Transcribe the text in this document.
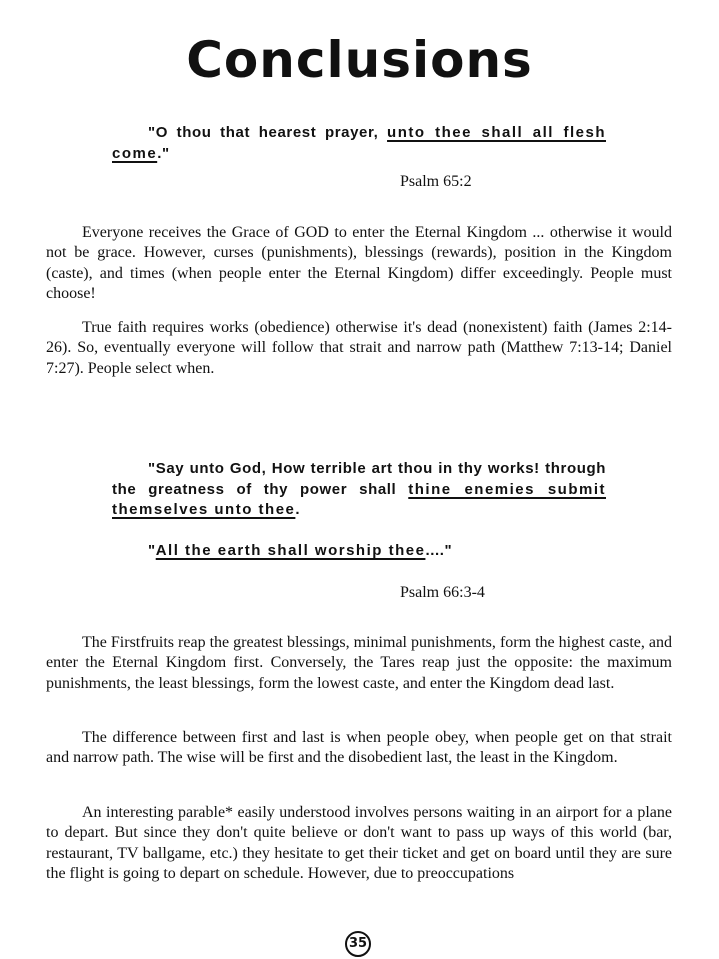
Conclusions
"O thou that hearest prayer, unto thee shall all flesh come."
Psalm 65:2
Everyone receives the Grace of GOD to enter the Eternal Kingdom ... otherwise it would not be grace. However, curses (punishments), blessings (rewards), position in the Kingdom (caste), and times (when people enter the Eternal Kingdom) differ exceedingly. People must choose!
True faith requires works (obedience) otherwise it's dead (nonexistent) faith (James 2:14-26). So, eventually everyone will follow that strait and narrow path (Matthew 7:13-14; Daniel 7:27). People select when.
"Say unto God, How terrible art thou in thy works! through the greatness of thy power shall thine enemies submit themselves unto thee.
"All the earth shall worship thee...."
Psalm 66:3-4
The Firstfruits reap the greatest blessings, minimal punishments, form the highest caste, and enter the Eternal Kingdom first. Conversely, the Tares reap just the opposite: the maximum punishments, the least blessings, form the lowest caste, and enter the Kingdom dead last.
The difference between first and last is when people obey, when people get on that strait and narrow path. The wise will be first and the disobedient last, the least in the Kingdom.
An interesting parable* easily understood involves persons waiting in an airport for a plane to depart. But since they don't quite believe or don't want to pass up ways of this world (bar, restaurant, TV ballgame, etc.) they hesitate to get their ticket and get on board until they are sure the flight is going to depart on schedule. However, due to preoccupations
35
